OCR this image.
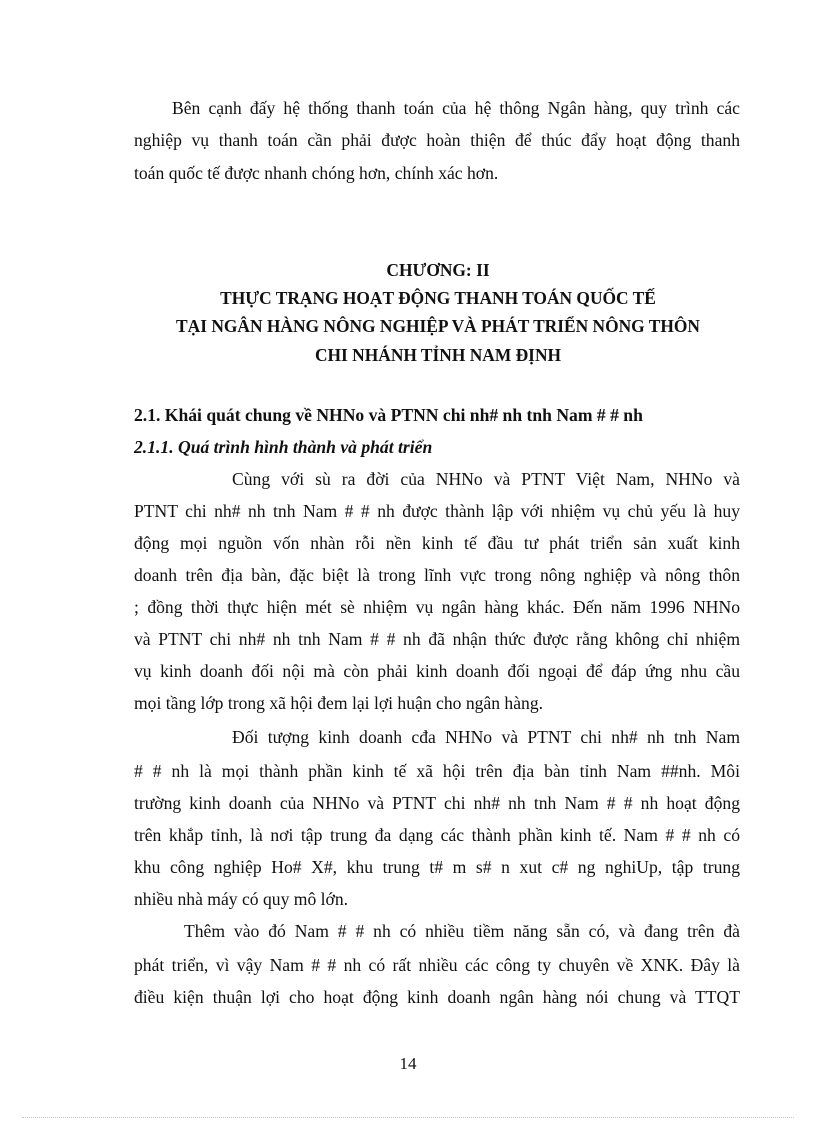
Bên cạnh đấy hệ thống thanh toán của hệ thông Ngân hàng, quy trình các
nghiệp vụ thanh toán cần phải được hoàn thiện để thúc đẩy hoạt động thanh
toán quốc tế được nhanh chóng hơn, chính xác hơn.
CHƯƠNG: II
THỰC TRẠNG HOẠT ĐỘNG THANH TOÁN QUỐC TẾ
TẠI NGÂN HÀNG NÔNG NGHIỆP VÀ PHÁT TRIỂN NÔNG THÔN
CHI NHÁNH TỈNH NAM ĐỊNH
2.1. Khái quát chung về NHNo và PTNN chi nh# nh tnh Nam # # nh
2.1.1. Quá trình hình thành và phát triển
Cùng với sù ra đời của NHNo và PTNT Việt Nam, NHNo và
PTNT chi nh# nh tnh Nam # # nh được thành lập với nhiệm vụ chủ yếu là huy
động mọi nguồn vốn nhàn rỗi nền kinh tế đầu tư phát triển sản xuất kinh
doanh trên địa bàn, đặc biệt là trong lĩnh vực trong nông nghiệp và nông thôn
; đồng thời thực hiện mét sè nhiệm vụ ngân hàng khác. Đến năm 1996 NHNo
và PTNT chi nh# nh tnh Nam # # nh đã nhận thức được rằng không chỉ nhiệm
vụ kinh doanh đối nội mà còn phải kinh doanh đối ngoại để đáp ứng nhu cầu
mọi tầng lớp trong xã hội đem lại lợi huận cho ngân hàng.
Đối tượng kinh doanh cđa NHNo và PTNT chi nh# nh tnh Nam
# # nh là mọi thành phần kinh tế xã hội trên địa bàn tỉnh Nam ##nh. Môi
trường kinh doanh của NHNo và PTNT chi nh# nh tnh Nam # # nh hoạt động
trên khắp tỉnh, là nơi tập trung đa dạng các thành phần kinh tế. Nam # # nh có
khu công nghiệp Ho# X#, khu trung t# m s# n xut c# ng nghiUp, tập trung
nhiều nhà máy có quy mô lớn.
Thêm vào đó Nam # # nh có nhiều tiềm năng sẵn có, và đang trên đà
phát triển, vì vậy Nam # # nh có rất nhiều các công ty chuyên về XNK. Đây là
điều kiện thuận lợi cho hoạt động kinh doanh ngân hàng nói chung và TTQT
14
